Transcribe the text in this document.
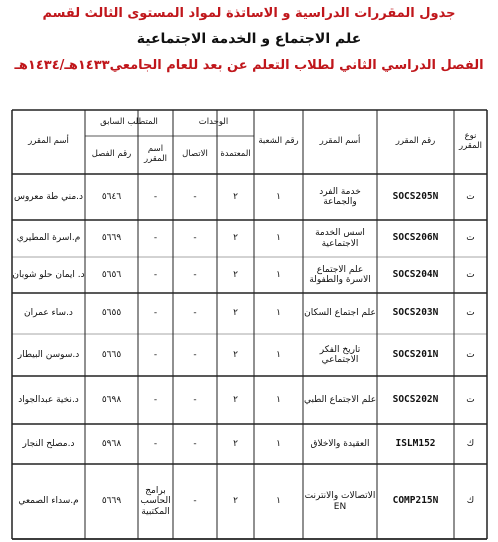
جدول المقررات الدراسية و الاساتذة لمواد المستوى الثالث لقسم
علم الاجتماع و الخدمة الاجتماعية
الفصل الدراسي الثاني لطلاب التعلم عن بعد للعام الجامعي١٤٣٣هـ/١٤٣٤هـ
نوع المقرر
رقم المقرر
أسم المقرر
رقم الشعبة
الوحدات
المعتمدة
الاتصال
المتطلب السابق
اسم المقرر
رقم الفصل
أسم المقرر
ت
SOCS205N
خدمة الفرد والجماعة
١
٢
-
-
٥٦٤٦
د.مني طة معروس
ت
SOCS206N
اسس الخدمة الاجتماعية
١
٢
-
-
٥٦٦٩
م.اسرة المطيري
ت
SOCS204N
علم الاجتماع الاسرة والطفولة
١
٢
-
-
٥٦٥٦
د. ايمان حلو شوبان
ت
SOCS203N
علم اجتماع السكان
١
٢
-
-
٥٦٥٥
د.ساء عمران
ت
SOCS201N
تاريخ الفكر الاجتماعي
١
٢
-
-
٥٦٦٥
د.سوسن البيطار
ت
SOCS202N
علم الاجتماع الطبي
١
٢
-
-
٥٦٩٨
د.نخية عبدالجواد
ك
ISLM152
العقيدة والاخلاق
١
٢
-
-
٥٩٦٨
د.مصلح النجار
ك
COMP215N
الاتصالات والانترنت EN
١
٢
-
برامج الحاسب المكتبية
٥٦٦٩
م.سداء الصمعي
